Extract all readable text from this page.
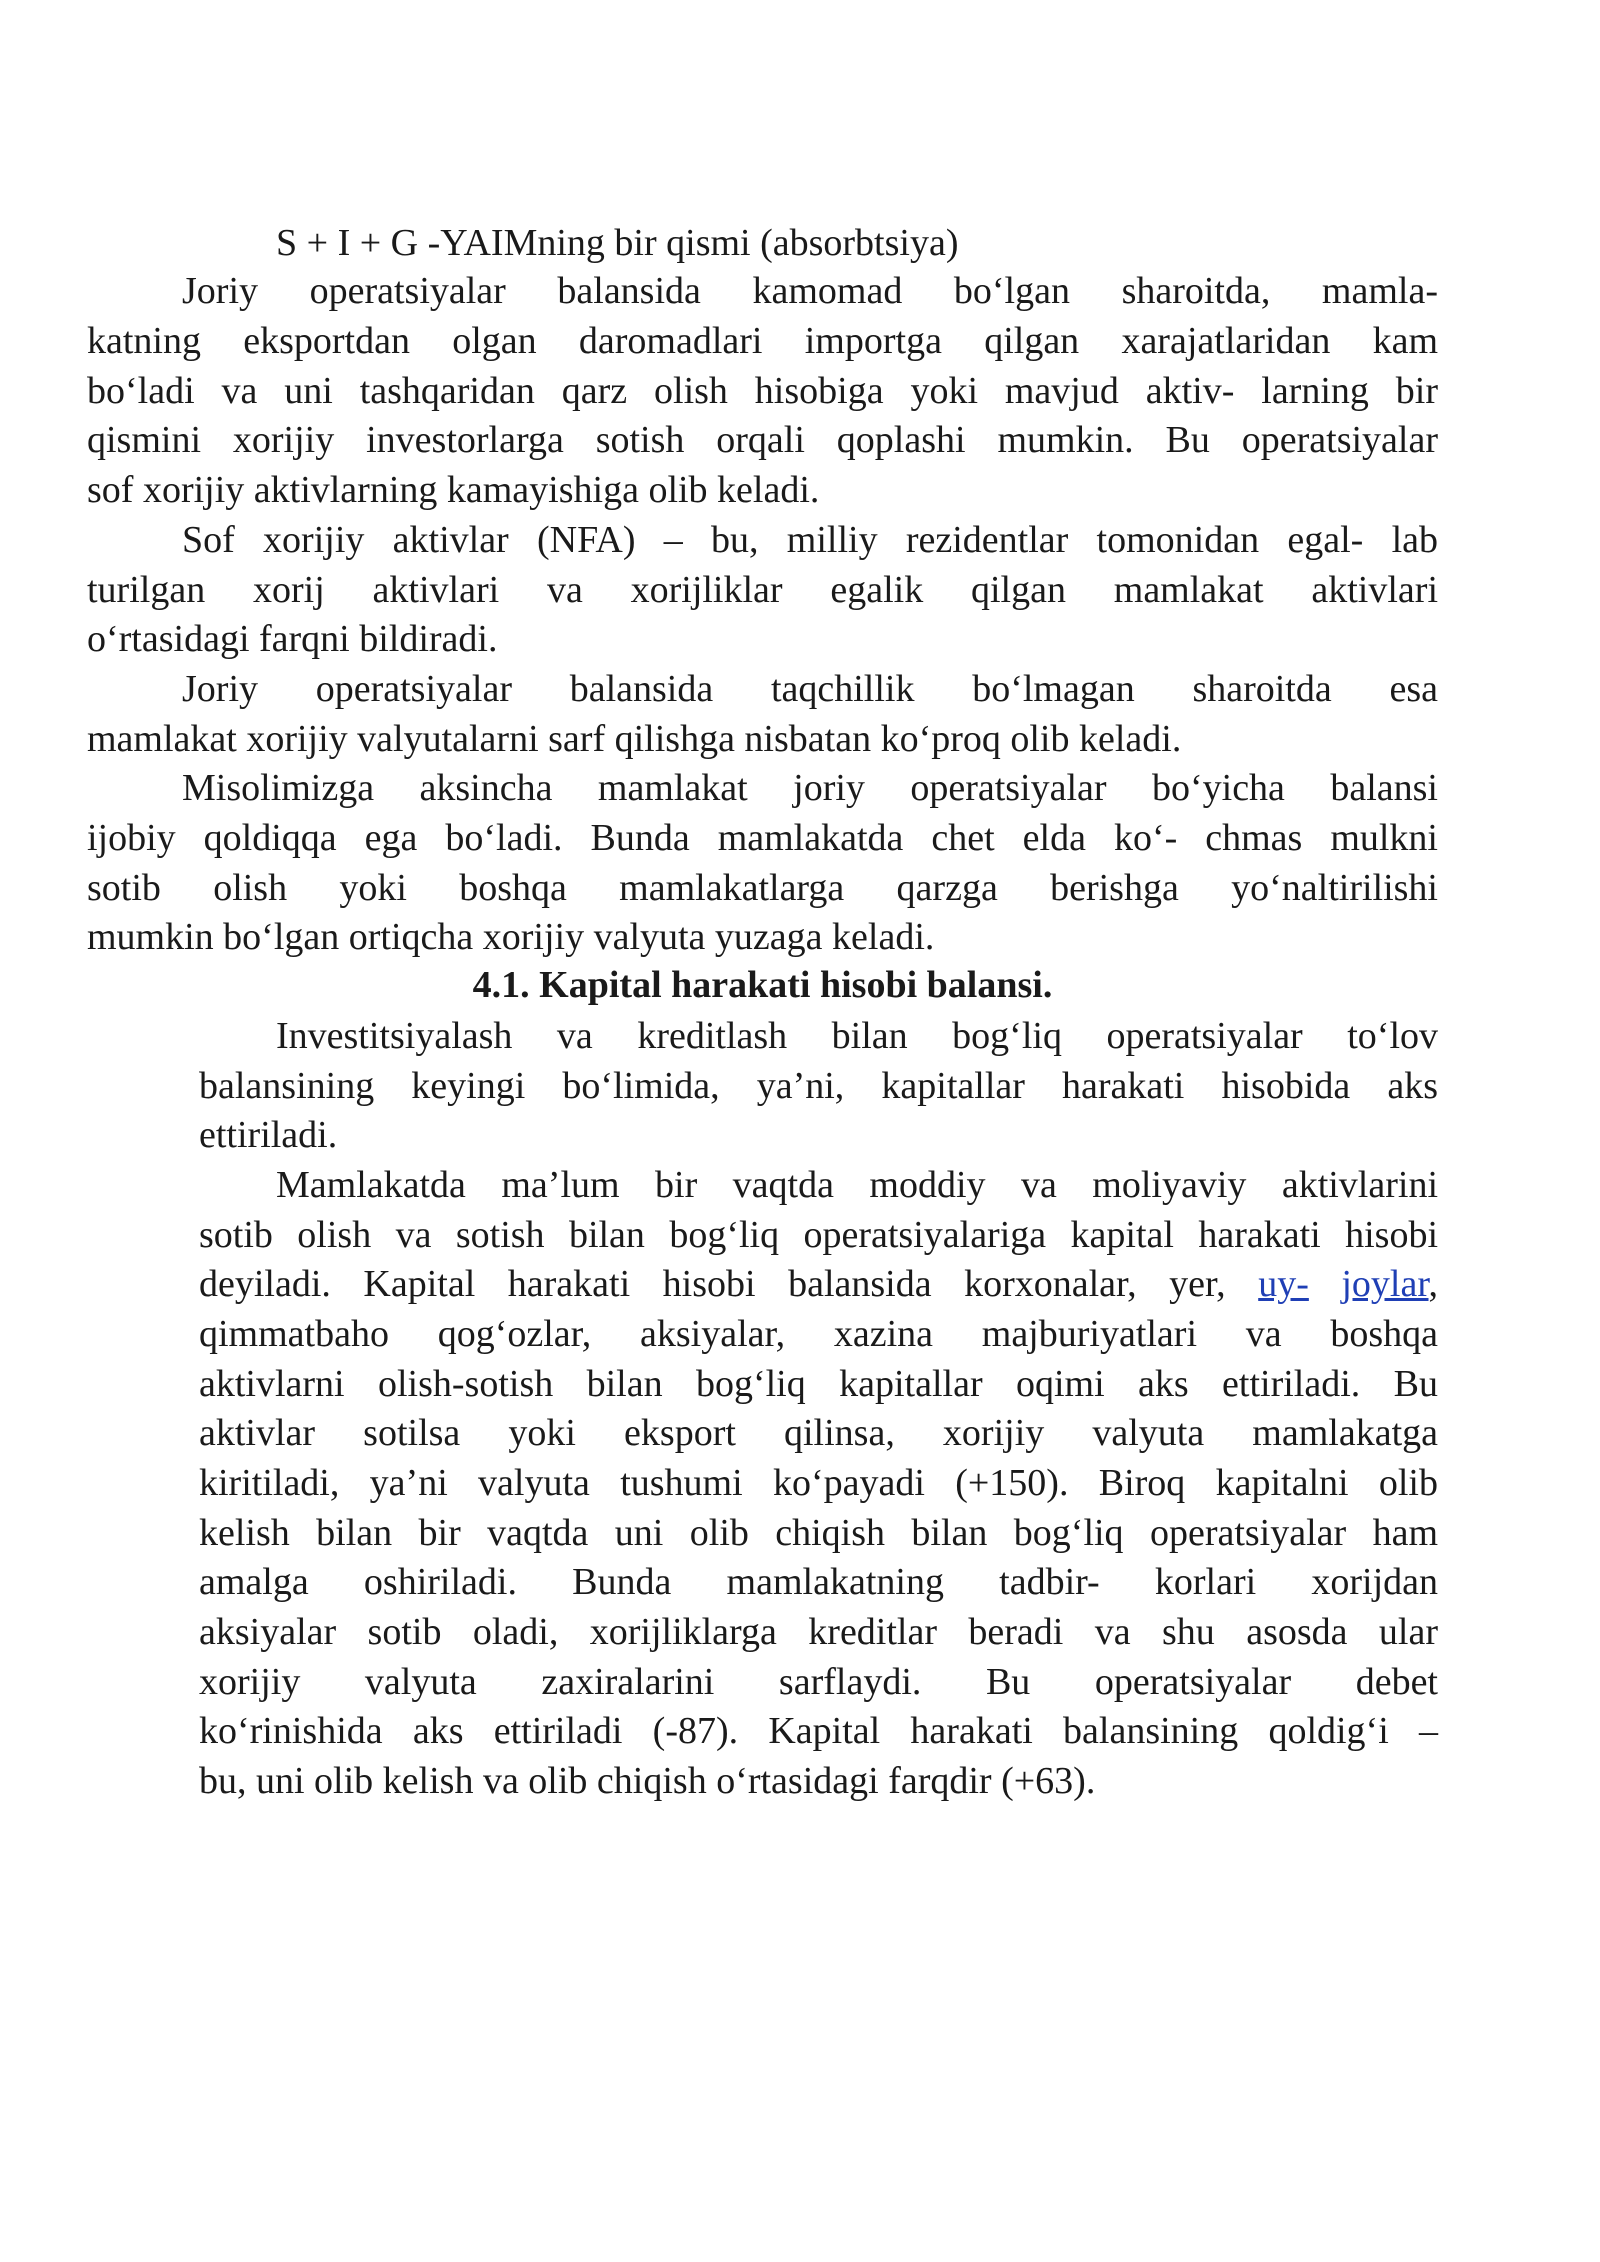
S + I + G -YAIMning bir qismi (absorbtsiya)

Joriy operatsiyalar balansida kamomad bo‘lgan sharoitda, mamla-

katning eksportdan olgan daromadlari importga qilgan xarajatlaridan kam

bo‘ladi va uni tashqaridan qarz olish hisobiga yoki mavjud aktiv- larning bir

qismini xorijiy investorlarga sotish orqali qoplashi mumkin. Bu operatsiyalar

sof xorijiy aktivlarning kamayishiga olib keladi.

Sof xorijiy aktivlar (NFA) – bu, milliy rezidentlar tomonidan egal- lab

turilgan xorij aktivlari va xorijliklar egalik qilgan mamlakat aktivlari

o‘rtasidagi farqni bildiradi.

Joriy operatsiyalar balansida taqchillik bo‘lmagan sharoitda esa

mamlakat xorijiy valyutalarni sarf qilishga nisbatan ko‘proq olib keladi.

Misolimizga aksincha mamlakat joriy operatsiyalar bo‘yicha balansi

ijobiy qoldiqqa ega bo‘ladi. Bunda mamlakatda chet elda ko‘- chmas mulkni

sotib olish yoki boshqa mamlakatlarga qarzga berishga yo‘naltirilishi

mumkin bo‘lgan ortiqcha xorijiy valyuta yuzaga keladi.

4.1. Kapital harakati hisobi balansi.

Investitsiyalash va kreditlash bilan bog‘liq operatsiyalar to‘lov

balansining keyingi bo‘limida, ya’ni, kapitallar harakati hisobida aks

ettiriladi.

Mamlakatda ma’lum bir vaqtda moddiy va moliyaviy aktivlarini

sotib olish va sotish bilan bog‘liq operatsiyalariga kapital harakati hisobi

deyiladi. Kapital harakati hisobi balansida korxonalar, yer, uy- joylar,

qimmatbaho qog‘ozlar, aksiyalar, xazina majburiyatlari va boshqa

aktivlarni olish-sotish bilan bog‘liq kapitallar oqimi aks ettiriladi. Bu

aktivlar sotilsa yoki eksport qilinsa, xorijiy valyuta mamlakatga

kiritiladi, ya’ni valyuta tushumi ko‘payadi (+150). Biroq kapitalni olib

kelish bilan bir vaqtda uni olib chiqish bilan bog‘liq operatsiyalar ham

amalga oshiriladi. Bunda mamlakatning tadbir- korlari xorijdan

aksiyalar sotib oladi, xorijliklarga kreditlar beradi va shu asosda ular

xorijiy valyuta zaxiralarini sarflaydi. Bu operatsiyalar debet

ko‘rinishida aks ettiriladi (-87). Kapital harakati balansining qoldig‘i –

bu, uni olib kelish va olib chiqish o‘rtasidagi farqdir (+63).
